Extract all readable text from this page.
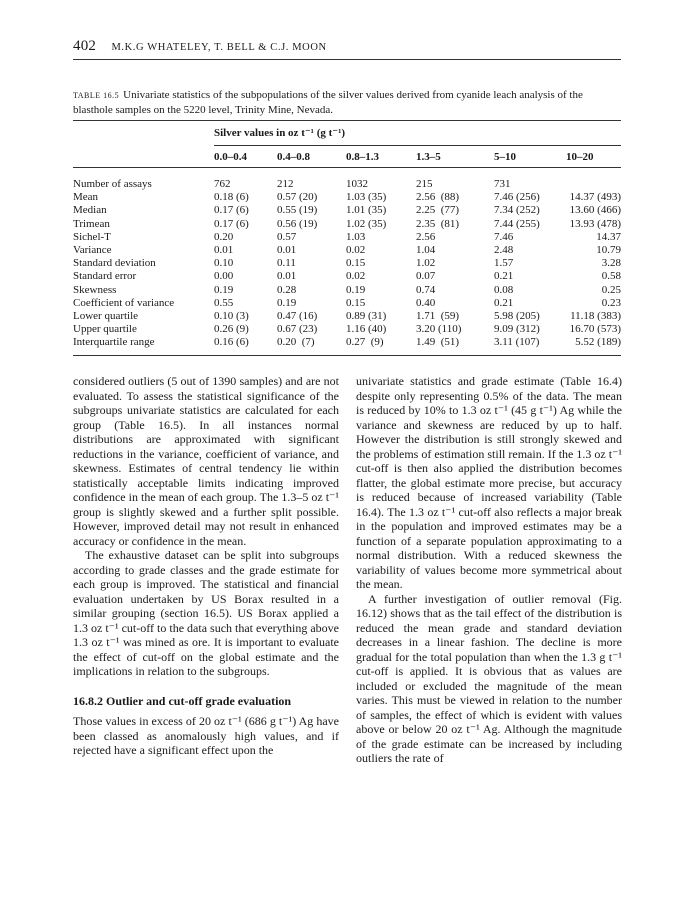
402 M.K.G WHATELEY, T. BELL & C.J. MOON
TABLE 16.5 Univariate statistics of the subpopulations of the silver values derived from cyanide leach analysis of the blasthole samples on the 5220 level, Trinity Mine, Nevada.
Silver values in oz t⁻¹ (g t⁻¹)
0.0–0.4	0.4–0.8	0.8–1.3	1.3–5	5–10	10–20
Number of assays	762	212	1032	215	731
Mean	0.18 (6)	0.57 (20)	1.03 (35)	2.56  (88)	7.46 (256)	14.37 (493)
Median	0.17 (6)	0.55 (19)	1.01 (35)	2.25  (77)	7.34 (252)	13.60 (466)
Trimean	0.17 (6)	0.56 (19)	1.02 (35)	2.35  (81)	7.44 (255)	13.93 (478)
Sichel-T	0.20	0.57	1.03	2.56	7.46	14.37
Variance	0.01	0.01	0.02	1.04	2.48	10.79
Standard deviation	0.10	0.11	0.15	1.02	1.57	3.28
Standard error	0.00	0.01	0.02	0.07	0.21	0.58
Skewness	0.19	0.28	0.19	0.74	0.08	0.25
Coefficient of variance	0.55	0.19	0.15	0.40	0.21	0.23
Lower quartile	0.10 (3)	0.47 (16)	0.89 (31)	1.71  (59)	5.98 (205)	11.18 (383)
Upper quartile	0.26 (9)	0.67 (23)	1.16 (40)	3.20 (110)	9.09 (312)	16.70 (573)
Interquartile range	0.16 (6)	0.20  (7)	0.27  (9)	1.49  (51)	3.11 (107)	5.52 (189)

considered outliers (5 out of 1390 samples) and are not evaluated. To assess the statistical significance of the subgroups univariate statistics are calculated for each group (Table 16.5). In all instances normal distributions are approximated with significant reductions in the variance, coefficient of variance, and skewness. Estimates of central tendency lie within statistically acceptable limits indicating improved confidence in the mean of each group. The 1.3–5 oz t⁻¹ group is slightly skewed and a further split possible. However, improved detail may not result in enhanced accuracy or confidence in the mean.

The exhaustive dataset can be split into subgroups according to grade classes and the grade estimate for each group is improved. The statistical and financial evaluation undertaken by US Borax resulted in a similar grouping (section 16.5). US Borax applied a 1.3 oz t⁻¹ cut-off to the data such that everything above 1.3 oz t⁻¹ was mined as ore. It is important to evaluate the effect of cut-off on the global estimate and the implications in relation to the subgroups.

16.8.2 Outlier and cut-off grade evaluation

Those values in excess of 20 oz t⁻¹ (686 g t⁻¹) Ag have been classed as anomalously high values, and if rejected have a significant effect upon the

univariate statistics and grade estimate (Table 16.4) despite only representing 0.5% of the data. The mean is reduced by 10% to 1.3 oz t⁻¹ (45 g t⁻¹) Ag while the variance and skewness are reduced by up to half. However the distribution is still strongly skewed and the problems of estimation still remain. If the 1.3 oz t⁻¹ cut-off is then also applied the distribution becomes flatter, the global estimate more precise, but accuracy is reduced because of increased variability (Table 16.4). The 1.3 oz t⁻¹ cut-off also reflects a major break in the population and improved estimates may be a function of a separate population approximating to a normal distribution. With a reduced skewness the variability of values become more symmetrical about the mean.

A further investigation of outlier removal (Fig. 16.12) shows that as the tail effect of the distribution is reduced the mean grade and standard deviation decreases in a linear fashion. The decline is more gradual for the total population than when the 1.3 g t⁻¹ cut-off is applied. It is obvious that as values are included or excluded the magnitude of the mean varies. This must be viewed in relation to the number of samples, the effect of which is evident with values above or below 20 oz t⁻¹ Ag. Although the magnitude of the grade estimate can be increased by including outliers the rate of
